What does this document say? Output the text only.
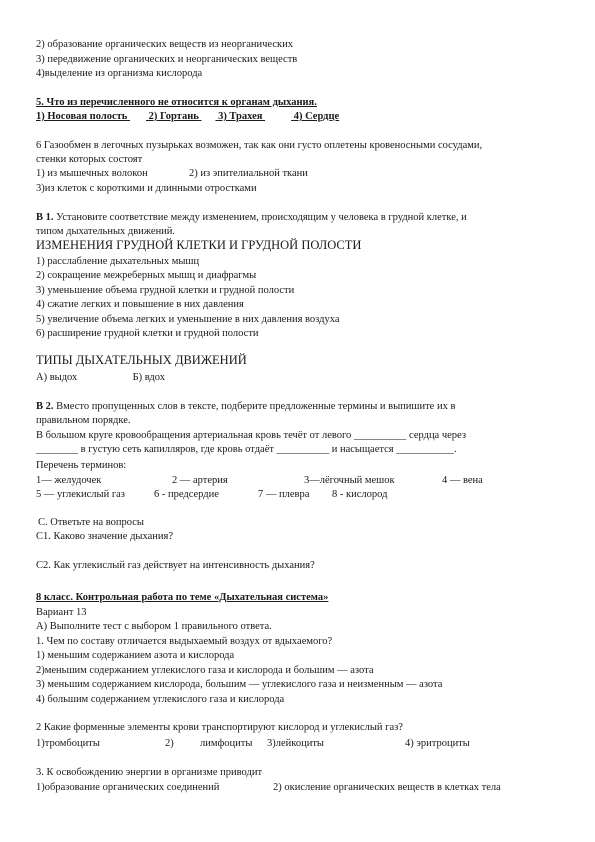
2) образование органических веществ из неорганических
3) передвижение органических и неорганических веществ
4)выделение из организма кислорода
5. Что из перечисленного не относится к органам дыхания.
1) Носовая полость 2) Гортань 3) Трахея	4) Сердце
6 Газообмен в легочных пузырьках возможен, так как они густо оплетены кровеносными сосудами,
стенки которых состоят
1) из мышечных волокон	2) из эпителиальной ткани
3)из клеток с короткими и длинными отростками
В 1. Установите соответствие между изменением, происходящим у человека в грудной клетке, и
типом дыхательных движений.
ИЗМЕНЕНИЯ ГРУДНОЙ КЛЕТКИ И ГРУДНОЙ ПОЛОСТИ
1) расслабление дыхательных мышц
2) сокращение межреберных мышц и диафрагмы
3) уменьшение объема грудной клетки и грудной полости
4) сжатие легких и повышение в них давления
5) увеличение объема легких и уменьшение в них давления воздуха
6) расширение грудной клетки и грудной полости
ТИПЫ ДЫХАТЕЛЬНЫХ ДВИЖЕНИЙ
А) выдох	Б) вдох
В 2. Вместо пропущенных слов в тексте, подберите предложенные термины и выпишите их в
правильном порядке.
В большом круге кровообращения артериальная кровь течёт от левого __________ сердца через
________ в густую сеть капилляров, где кровь отдаёт __________ и насыщается ___________.
Перечень терминов:
1— желудочек	2 — артерия	3—лёгочный мешок	4 — вена
5 — углекислый газ	6 - предсердие	7 — плевра 8 - кислород
С. Ответьте на вопросы
С1. Каково значение дыхания?
С2. Как углекислый газ действует на интенсивность дыхания?
8 класс. Контрольная работа по теме «Дыхательная система»
Вариант 13
А) Выполните тест с выбором 1 правильного ответа.
1. Чем по составу отличается выдыхаемый воздух от вдыхаемого?
1) меньшим содержанием азота и кислорода
2)меньшим содержанием углекислого газа и кислорода и большим — азота
3) меньшим содержанием кислорода, большим — углекислого газа и неизменным — азота
4) большим содержанием углекислого газа и кислорода
2 Какие форменные элементы крови транспортируют кислород и углекислый газ?
1)тромбоциты	2)	лимфоциты 3)лейкоциты	4) эритроциты
3. К освобождению энергии в организме приводит
1)образование органических соединений	2) окисление органических веществ в клетках тела
